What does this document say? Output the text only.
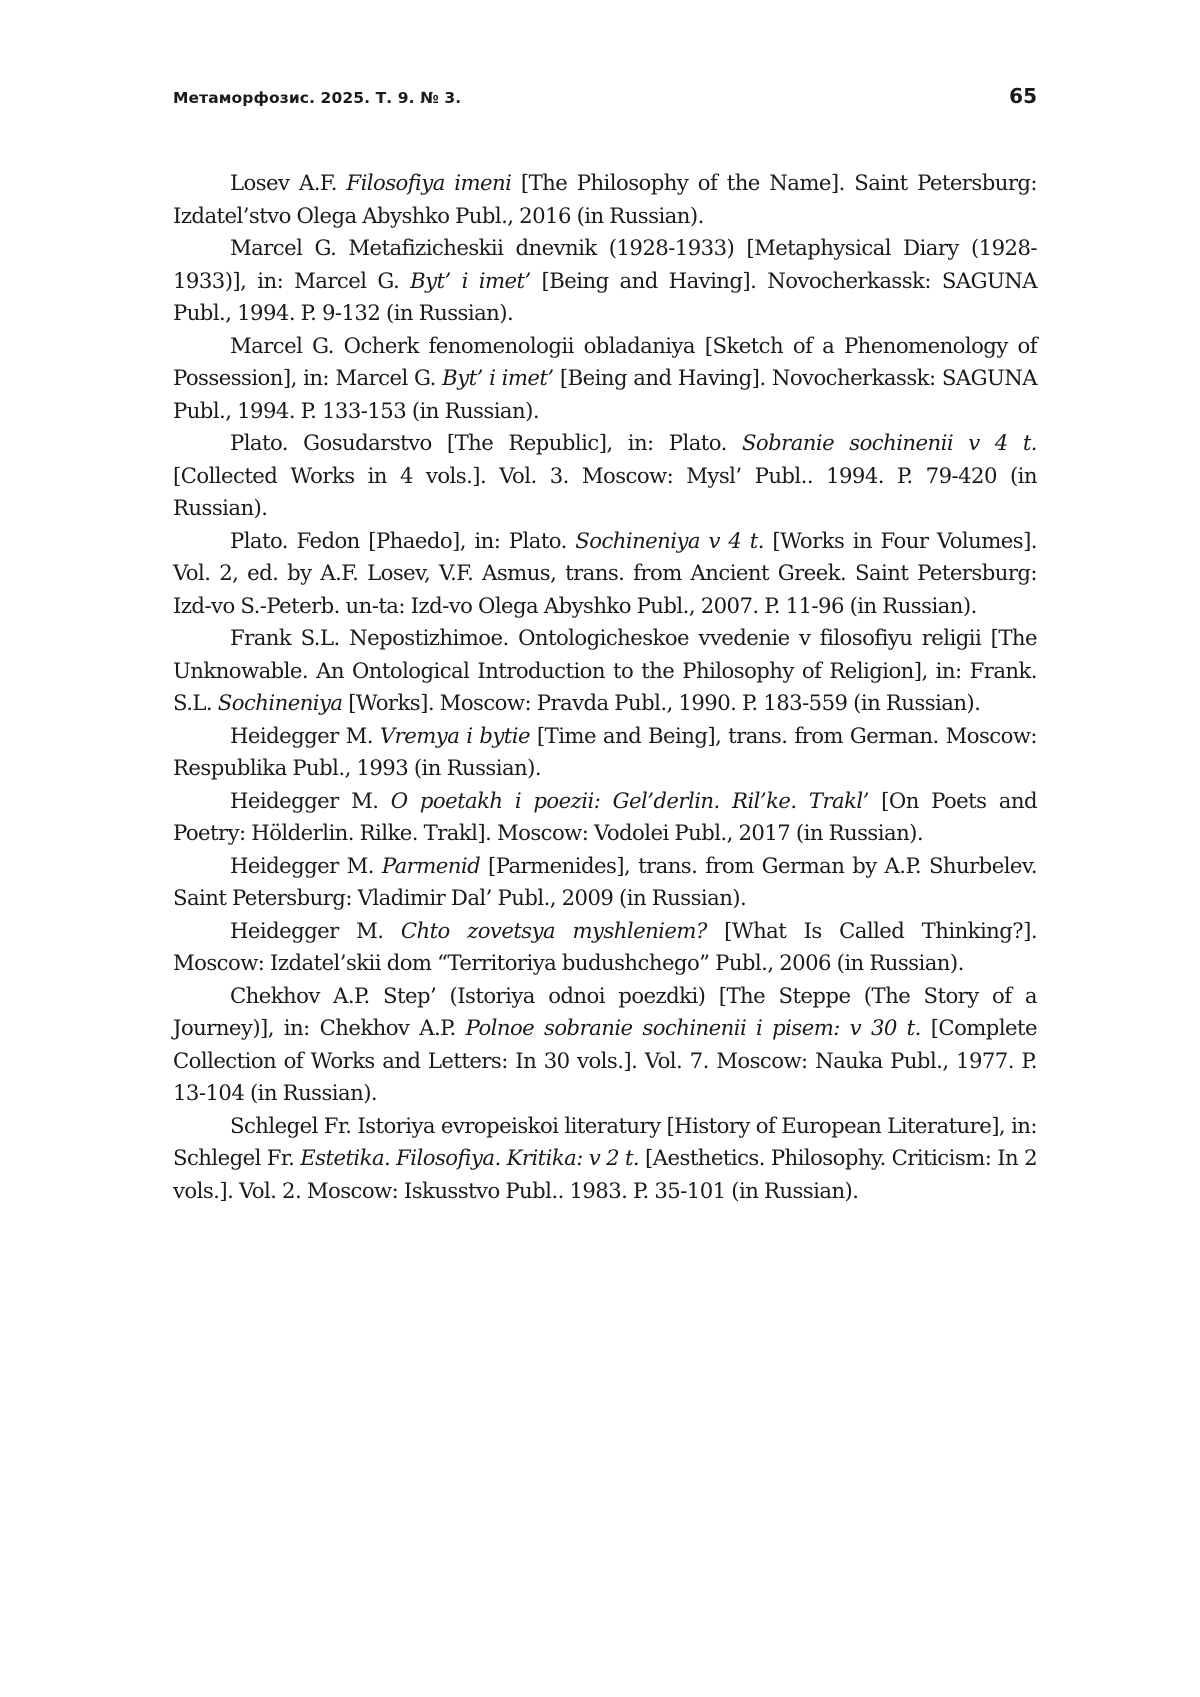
Метаморфозис. 2025. Т. 9. № 3.	65

Losev A.F. Filosofiya imeni [The Philosophy of the Name]. Saint Petersburg: Izdatel’stvo Olega Abyshko Publ., 2016 (in Russian).

Marcel G. Metafizicheskii dnevnik (1928-1933) [Metaphysical Diary (1928-1933)], in: Marcel G. Byt’ i imet’ [Being and Having]. Novocherkassk: SAGUNA Publ., 1994. P. 9-132 (in Russian).

Marcel G. Ocherk fenomenologii obladaniya [Sketch of a Phenomenology of Possession], in: Marcel G. Byt’ i imet’ [Being and Having]. Novocherkassk: SAGUNA Publ., 1994. P. 133-153 (in Russian).

Plato. Gosudarstvo [The Republic], in: Plato. Sobranie sochinenii v 4 t. [Collected Works in 4 vols.]. Vol. 3. Moscow: Mysl’ Publ.. 1994. P. 79-420 (in Russian).

Plato. Fedon [Phaedo], in: Plato. Sochineniya v 4 t. [Works in Four Volumes]. Vol. 2, ed. by A.F. Losev, V.F. Asmus, trans. from Ancient Greek. Saint Petersburg: Izd-vo S.-Peterb. un-ta: Izd-vo Olega Abyshko Publ., 2007. P. 11-96 (in Russian).

Frank S.L. Nepostizhimoe. Ontologicheskoe vvedenie v filosofiyu religii [The Unknowable. An Ontological Introduction to the Philosophy of Religion], in: Frank. S.L. Sochineniya [Works]. Moscow: Pravda Publ., 1990. P. 183-559 (in Russian).

Heidegger M. Vremya i bytie [Time and Being], trans. from German. Moscow: Respublika Publ., 1993 (in Russian).

Heidegger M. O poetakh i poezii: Gel’derlin. Ril’ke. Trakl’ [On Poets and Poetry: Hölderlin. Rilke. Trakl]. Moscow: Vodolei Publ., 2017 (in Russian).

Heidegger M. Parmenid [Parmenides], trans. from German by A.P. Shurbelev. Saint Petersburg: Vladimir Dal’ Publ., 2009 (in Russian).

Heidegger M. Chto zovetsya myshleniem? [What Is Called Thinking?]. Moscow: Izdatel’skii dom “Territoriya budushchego” Publ., 2006 (in Russian).

Chekhov A.P. Step’ (Istoriya odnoi poezdki) [The Steppe (The Story of a Journey)], in: Chekhov A.P. Polnoe sobranie sochinenii i pisem: v 30 t. [Complete Collection of Works and Letters: In 30 vols.]. Vol. 7. Moscow: Nauka Publ., 1977. P. 13-104 (in Russian).

Schlegel Fr. Istoriya evropeiskoi literatury [History of European Literature], in: Schlegel Fr. Estetika. Filosofiya. Kritika: v 2 t. [Aesthetics. Philosophy. Criticism: In 2 vols.]. Vol. 2. Moscow: Iskusstvo Publ.. 1983. P. 35-101 (in Russian).
